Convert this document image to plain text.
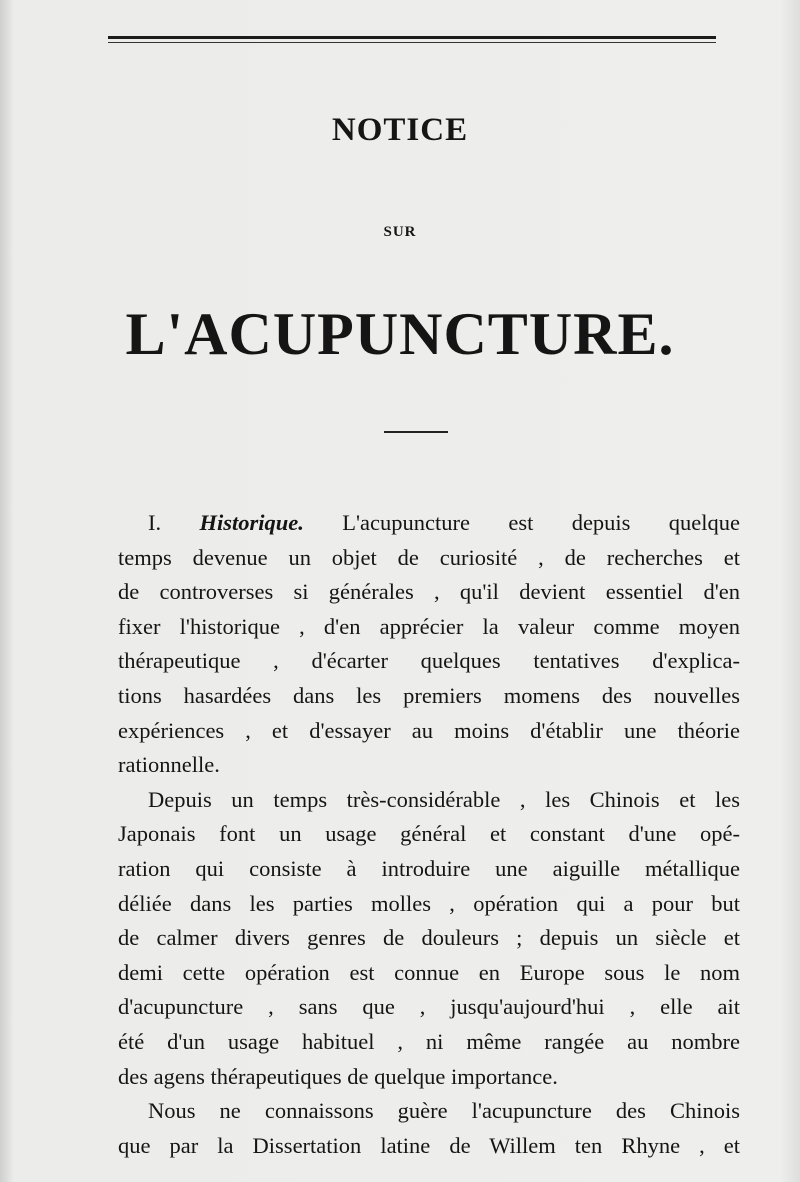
NOTICE
SUR
L'ACUPUNCTURE.
I. Historique. L'acupuncture est depuis quelque
temps devenue un objet de curiosité , de recherches et
de controverses si générales , qu'il devient essentiel d'en
fixer l'historique , d'en apprécier la valeur comme moyen
thérapeutique , d'écarter quelques tentatives d'explica-
tions hasardées dans les premiers momens des nouvelles
expériences , et d'essayer au moins d'établir une théorie
rationnelle.
Depuis un temps très-considérable , les Chinois et les
Japonais font un usage général et constant d'une opé-
ration qui consiste à introduire une aiguille métallique
déliée dans les parties molles , opération qui a pour but
de calmer divers genres de douleurs ; depuis un siècle et
demi cette opération est connue en Europe sous le nom
d'acupuncture , sans que , jusqu'aujourd'hui , elle ait
été d'un usage habituel , ni même rangée au nombre
des agens thérapeutiques de quelque importance.
Nous ne connaissons guère l'acupuncture des Chinois
que par la Dissertation latine de Willem ten Rhyne , et
